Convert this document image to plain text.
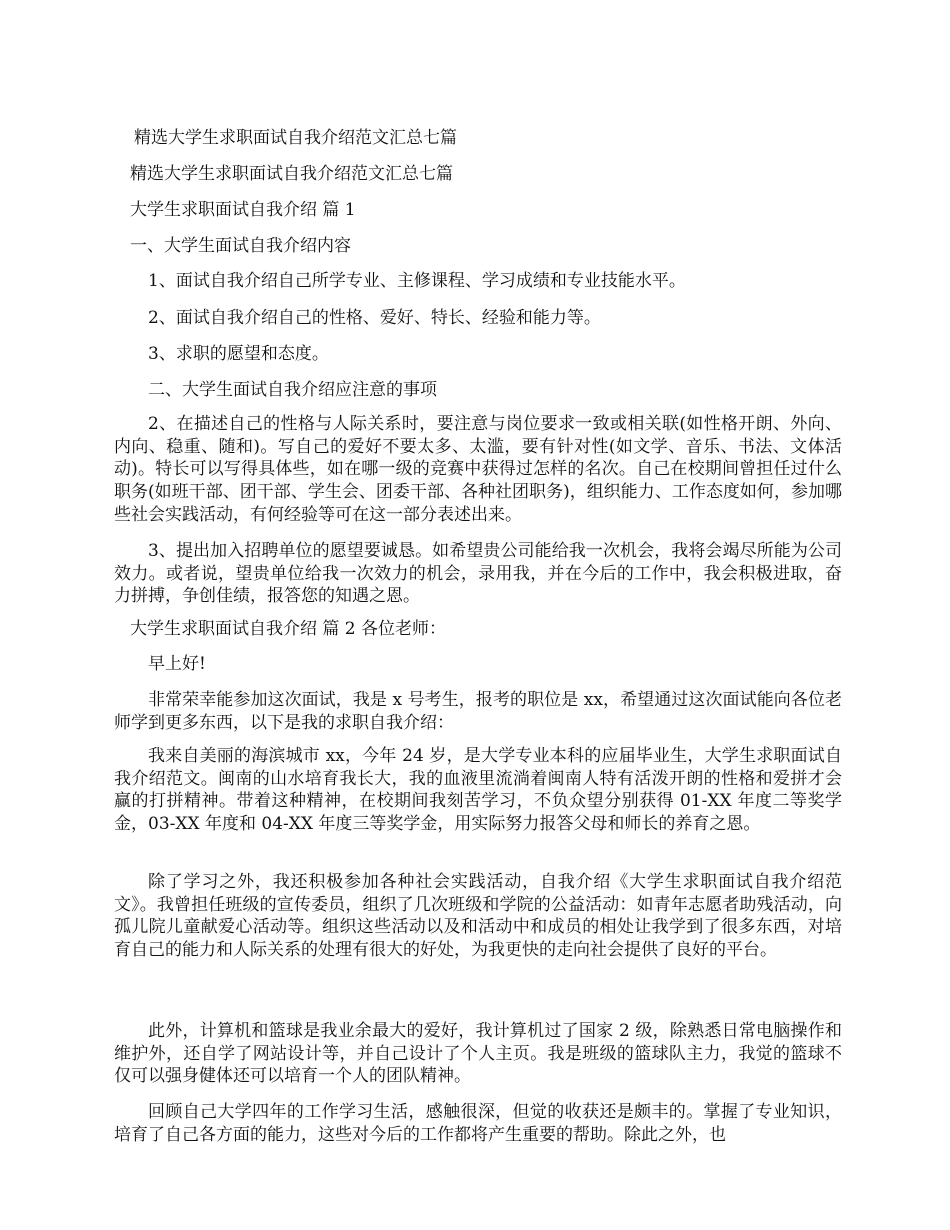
精选大学生求职面试自我介绍范文汇总七篇

精选大学生求职面试自我介绍范文汇总七篇

大学生求职面试自我介绍 篇 1

一、大学生面试自我介绍内容

1、面试自我介绍自己所学专业、主修课程、学习成绩和专业技能水平。

2、面试自我介绍自己的性格、爱好、特长、经验和能力等。

3、求职的愿望和态度。

二、大学生面试自我介绍应注意的事项

2、在描述自己的性格与人际关系时，要注意与岗位要求一致或相关联(如性格开朗、外向、内向、稳重、随和)。写自己的爱好不要太多、太滥，要有针对性(如文学、音乐、书法、文体活动)。特长可以写得具体些，如在哪一级的竞赛中获得过怎样的名次。自己在校期间曾担任过什么职务(如班干部、团干部、学生会、团委干部、各种社团职务)，组织能力、工作态度如何，参加哪些社会实践活动，有何经验等可在这一部分表述出来。

3、提出加入招聘单位的愿望要诚恳。如希望贵公司能给我一次机会，我将会竭尽所能为公司效力。或者说，望贵单位给我一次效力的机会，录用我，并在今后的工作中，我会积极进取，奋力拼搏，争创佳绩，报答您的知遇之恩。

大学生求职面试自我介绍 篇 2 各位老师：

早上好!

非常荣幸能参加这次面试，我是 x 号考生，报考的职位是 xx，希望通过这次面试能向各位老师学到更多东西，以下是我的求职自我介绍：

我来自美丽的海滨城市 xx，今年 24 岁，是大学专业本科的应届毕业生，大学生求职面试自我介绍范文。闽南的山水培育我长大，我的血液里流淌着闽南人特有活泼开朗的性格和爱拼才会赢的打拼精神。带着这种精神，在校期间我刻苦学习，不负众望分别获得 01-XX 年度二等奖学金，03-XX 年度和 04-XX 年度三等奖学金，用实际努力报答父母和师长的养育之恩。

除了学习之外，我还积极参加各种社会实践活动，自我介绍《大学生求职面试自我介绍范文》。我曾担任班级的宣传委员，组织了几次班级和学院的公益活动：如青年志愿者助残活动，向孤儿院儿童献爱心活动等。组织这些活动以及和活动中和成员的相处让我学到了很多东西，对培育自己的能力和人际关系的处理有很大的好处，为我更快的走向社会提供了良好的平台。

此外，计算机和篮球是我业余最大的爱好，我计算机过了国家 2 级，除熟悉日常电脑操作和维护外，还自学了网站设计等，并自己设计了个人主页。我是班级的篮球队主力，我觉的篮球不仅可以强身健体还可以培育一个人的团队精神。

回顾自己大学四年的工作学习生活，感触很深，但觉的收获还是颇丰的。掌握了专业知识，培育了自己各方面的能力，这些对今后的工作都将产生重要的帮助。除此之外，也
